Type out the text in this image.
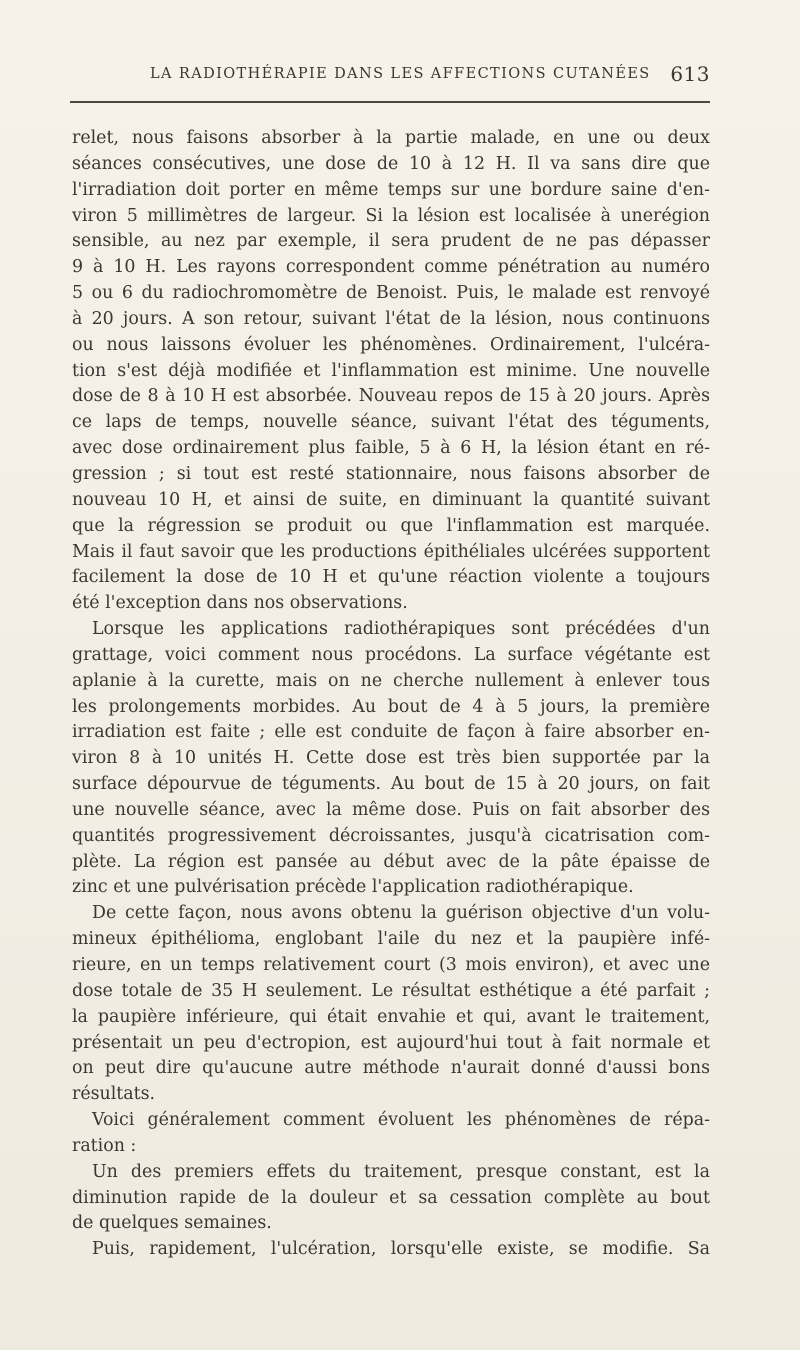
LA RADIOTHÉRAPIE DANS LES AFFECTIONS CUTANÉES 613
relet, nous faisons absorber à la partie malade, en une ou deux
séances consécutives, une dose de 10 à 12 H. Il va sans dire que
l'irradiation doit porter en même temps sur une bordure saine d'en-
viron 5 millimètres de largeur. Si la lésion est localisée à unerégion
sensible, au nez par exemple, il sera prudent de ne pas dépasser
9 à 10 H. Les rayons correspondent comme pénétration au numéro
5 ou 6 du radiochromomètre de Benoist. Puis, le malade est renvoyé
à 20 jours. A son retour, suivant l'état de la lésion, nous continuons
ou nous laissons évoluer les phénomènes. Ordinairement, l'ulcéra-
tion s'est déjà modifiée et l'inflammation est minime. Une nouvelle
dose de 8 à 10 H est absorbée. Nouveau repos de 15 à 20 jours. Après
ce laps de temps, nouvelle séance, suivant l'état des téguments,
avec dose ordinairement plus faible, 5 à 6 H, la lésion étant en ré-
gression ; si tout est resté stationnaire, nous faisons absorber de
nouveau 10 H, et ainsi de suite, en diminuant la quantité suivant
que la régression se produit ou que l'inflammation est marquée.
Mais il faut savoir que les productions épithéliales ulcérées supportent
facilement la dose de 10 H et qu'une réaction violente a toujours
été l'exception dans nos observations.
Lorsque les applications radiothérapiques sont précédées d'un
grattage, voici comment nous procédons. La surface végétante est
aplanie à la curette, mais on ne cherche nullement à enlever tous
les prolongements morbides. Au bout de 4 à 5 jours, la première
irradiation est faite ; elle est conduite de façon à faire absorber en-
viron 8 à 10 unités H. Cette dose est très bien supportée par la
surface dépourvue de téguments. Au bout de 15 à 20 jours, on fait
une nouvelle séance, avec la même dose. Puis on fait absorber des
quantités progressivement décroissantes, jusqu'à cicatrisation com-
plète. La région est pansée au début avec de la pâte épaisse de
zinc et une pulvérisation précède l'application radiothérapique.
De cette façon, nous avons obtenu la guérison objective d'un volu-
mineux épithélioma, englobant l'aile du nez et la paupière infé-
rieure, en un temps relativement court (3 mois environ), et avec une
dose totale de 35 H seulement. Le résultat esthétique a été parfait ;
la paupière inférieure, qui était envahie et qui, avant le traitement,
présentait un peu d'ectropion, est aujourd'hui tout à fait normale et
on peut dire qu'aucune autre méthode n'aurait donné d'aussi bons
résultats.
Voici généralement comment évoluent les phénomènes de répa-
ration :
Un des premiers effets du traitement, presque constant, est la
diminution rapide de la douleur et sa cessation complète au bout
de quelques semaines.
Puis, rapidement, l'ulcération, lorsqu'elle existe, se modifie. Sa
